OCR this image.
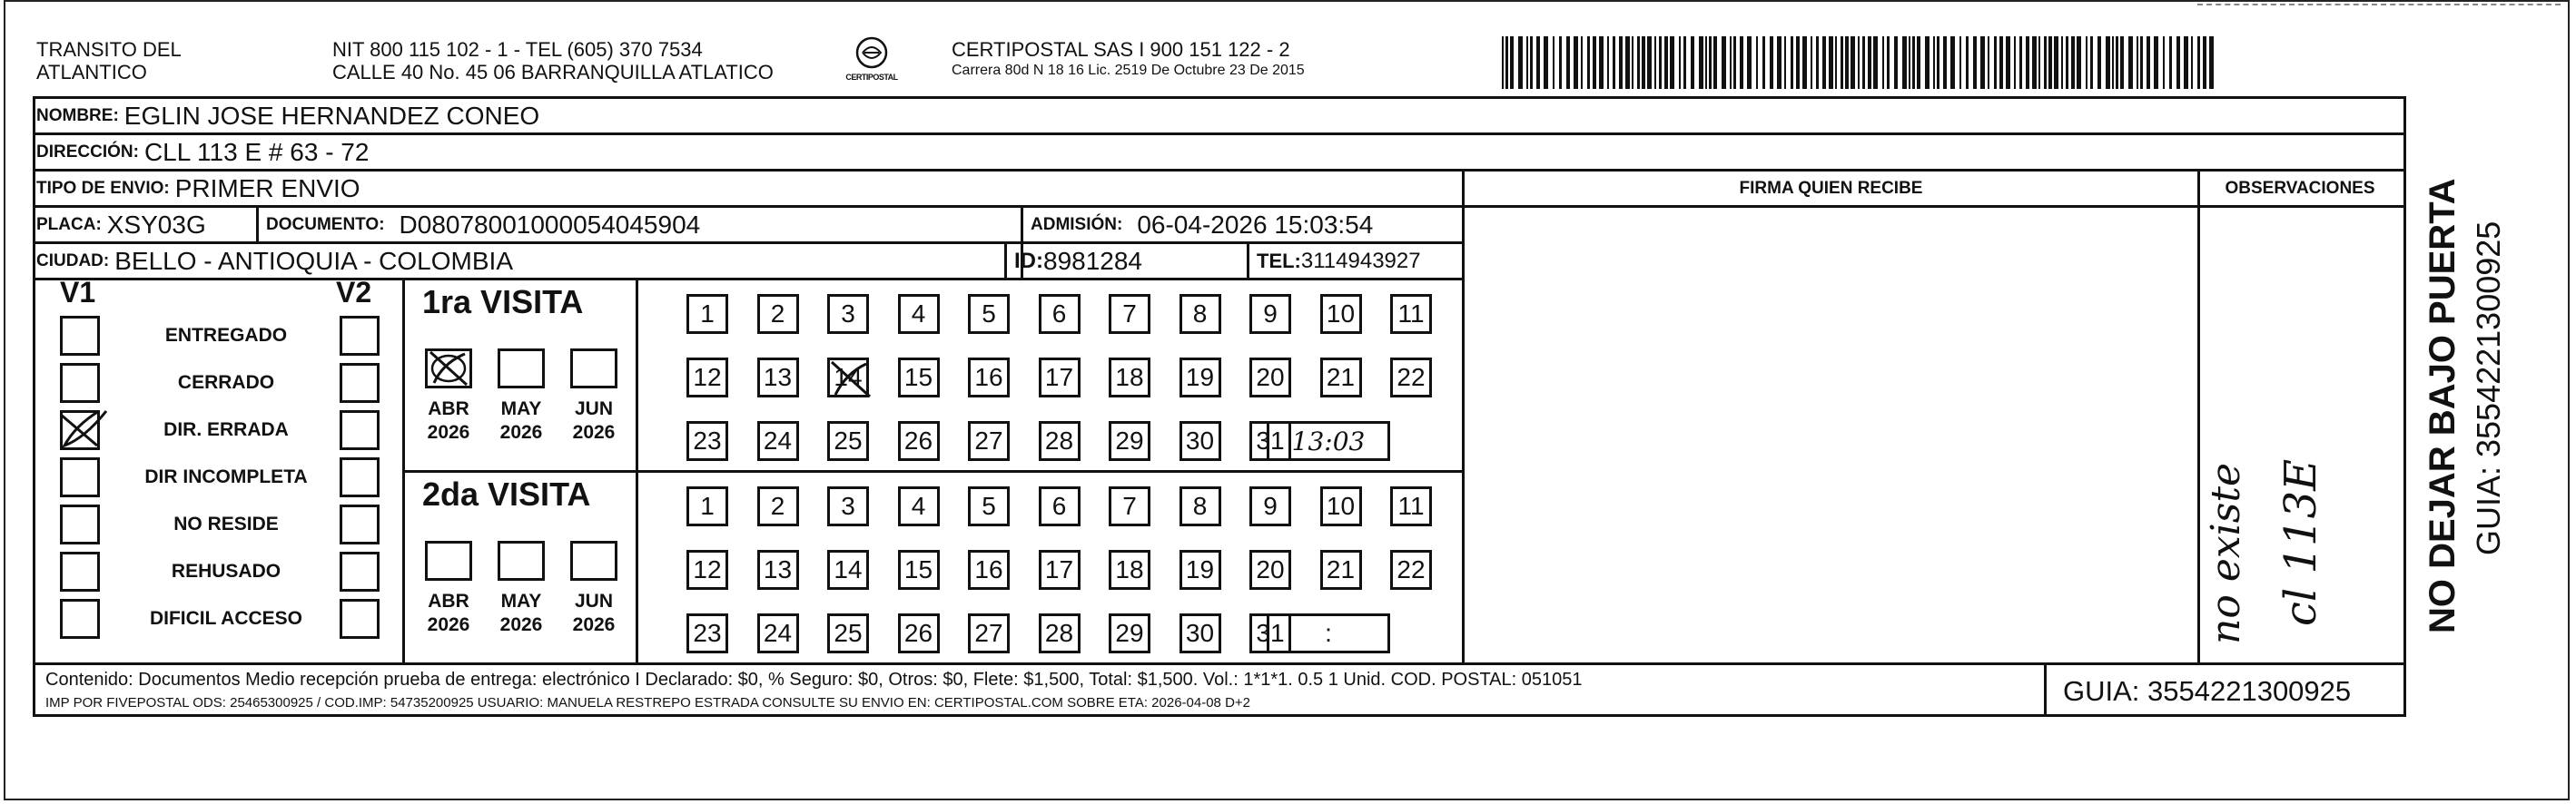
TRANSITO DEL
ATLANTICO
NIT 800 115 102 - 1 - TEL (605) 370 7534
CALLE 40 No. 45 06 BARRANQUILLA ATLATICO	CERTIPOSTAL
CERTIPOSTAL SAS I 900 151 122 - 2
Carrera 80d N 18 16 Lic. 2519 De Octubre 23 De 2015
NOMBRE: EGLIN JOSE HERNANDEZ CONEO
DIRECCIÓN: CLL 113 E # 63 - 72
TIPO DE ENVIO: PRIMER ENVIO	FIRMA QUIEN RECIBE	OBSERVACIONES
PLACA: XSY03G	DOCUMENTO: D08078001000054045904	ADMISIÓN: 06-04-2026 15:03:54
CIUDAD: BELLO - ANTIOQUIA - COLOMBIA	ID: 8981284	TEL: 3114943927
V1	V2
ENTREGADO
CERRADO
DIR. ERRADA
DIR INCOMPLETA
NO RESIDE
REHUSADO
DIFICIL ACCESO
1ra VISITA
ABR
2026
MAY
2026
JUN
2026
1	2	3	4	5	6	7	8	9	10	11
12 13 14 15 16 17 18 19 20 21 22
23 24 25 26 27 28 29 30 31 13:03
2da VISITA
ABR
2026
MAY
2026
JUN
2026
1	2	3	4	5	6	7	8	9	10	11
12 13 14 15 16 17 18 19 20 21 22
23 24 25 26 27 28 29 30 31	:	no existe cl 113E
Contenido: Documentos Medio recepción prueba de entrega: electrónico I Declarado: $0, % Seguro: $0, Otros: $0, Flete: $1,500, Total: $1,500. Vol.: 1*1*1. 0.5 1 Unid. COD. POSTAL: 051051
IMP POR FIVEPOSTAL ODS: 25465300925 / COD.IMP: 54735200925 USUARIO: MANUELA RESTREPO ESTRADA CONSULTE SU ENVIO EN: CERTIPOSTAL.COM SOBRE ETA: 2026-04-08 D+2	GUIA: 3554221300925
NO DEJAR BAJO PUERTA GUIA: 3554221300925
